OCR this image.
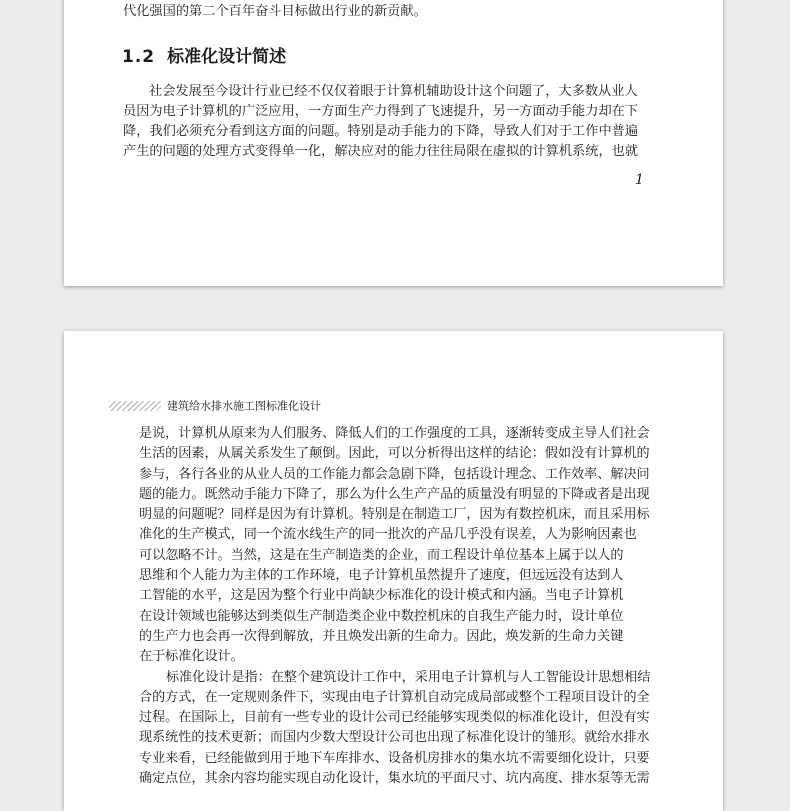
代化强国的第二个百年奋斗目标做出行业的新贡献。
1.2 标准化设计简述
社会发展至今设计行业已经不仅仅着眼于计算机辅助设计这个问题了，大多数从业人
员因为电子计算机的广泛应用，一方面生产力得到了飞速提升，另一方面动手能力却在下
降，我们必须充分看到这方面的问题。特别是动手能力的下降，导致人们对于工作中普遍
产生的问题的处理方式变得单一化，解决应对的能力往往局限在虚拟的计算机系统，也就
1
建筑给水排水施工图标准化设计
是说，计算机从原来为人们服务、降低人们的工作强度的工具，逐渐转变成主导人们社会
生活的因素，从属关系发生了颠倒。因此，可以分析得出这样的结论：假如没有计算机的
参与，各行各业的从业人员的工作能力都会急剧下降，包括设计理念、工作效率、解决问
题的能力。既然动手能力下降了，那么为什么生产产品的质量没有明显的下降或者是出现
明显的问题呢？同样是因为有计算机。特别是在制造工厂，因为有数控机床，而且采用标
准化的生产模式，同一个流水线生产的同一批次的产品几乎没有误差，人为影响因素也
可以忽略不计。当然，这是在生产制造类的企业，而工程设计单位基本上属于以人的
思维和个人能力为主体的工作环境，电子计算机虽然提升了速度，但远远没有达到人
工智能的水平，这是因为整个行业中尚缺少标准化的设计模式和内涵。当电子计算机
在设计领域也能够达到类似生产制造类企业中数控机床的自我生产能力时，设计单位
的生产力也会再一次得到解放，并且焕发出新的生命力。因此，焕发新的生命力关键
在于标准化设计。
标准化设计是指：在整个建筑设计工作中，采用电子计算机与人工智能设计思想相结
合的方式，在一定规则条件下，实现由电子计算机自动完成局部或整个工程项目设计的全
过程。在国际上，目前有一些专业的设计公司已经能够实现类似的标准化设计，但没有实
现系统性的技术更新；而国内少数大型设计公司也出现了标准化设计的雏形。就给水排水
专业来看，已经能做到用于地下车库排水、设备机房排水的集水坑不需要细化设计，只要
确定点位，其余内容均能实现自动化设计，集水坑的平面尺寸、坑内高度、排水泵等无需
